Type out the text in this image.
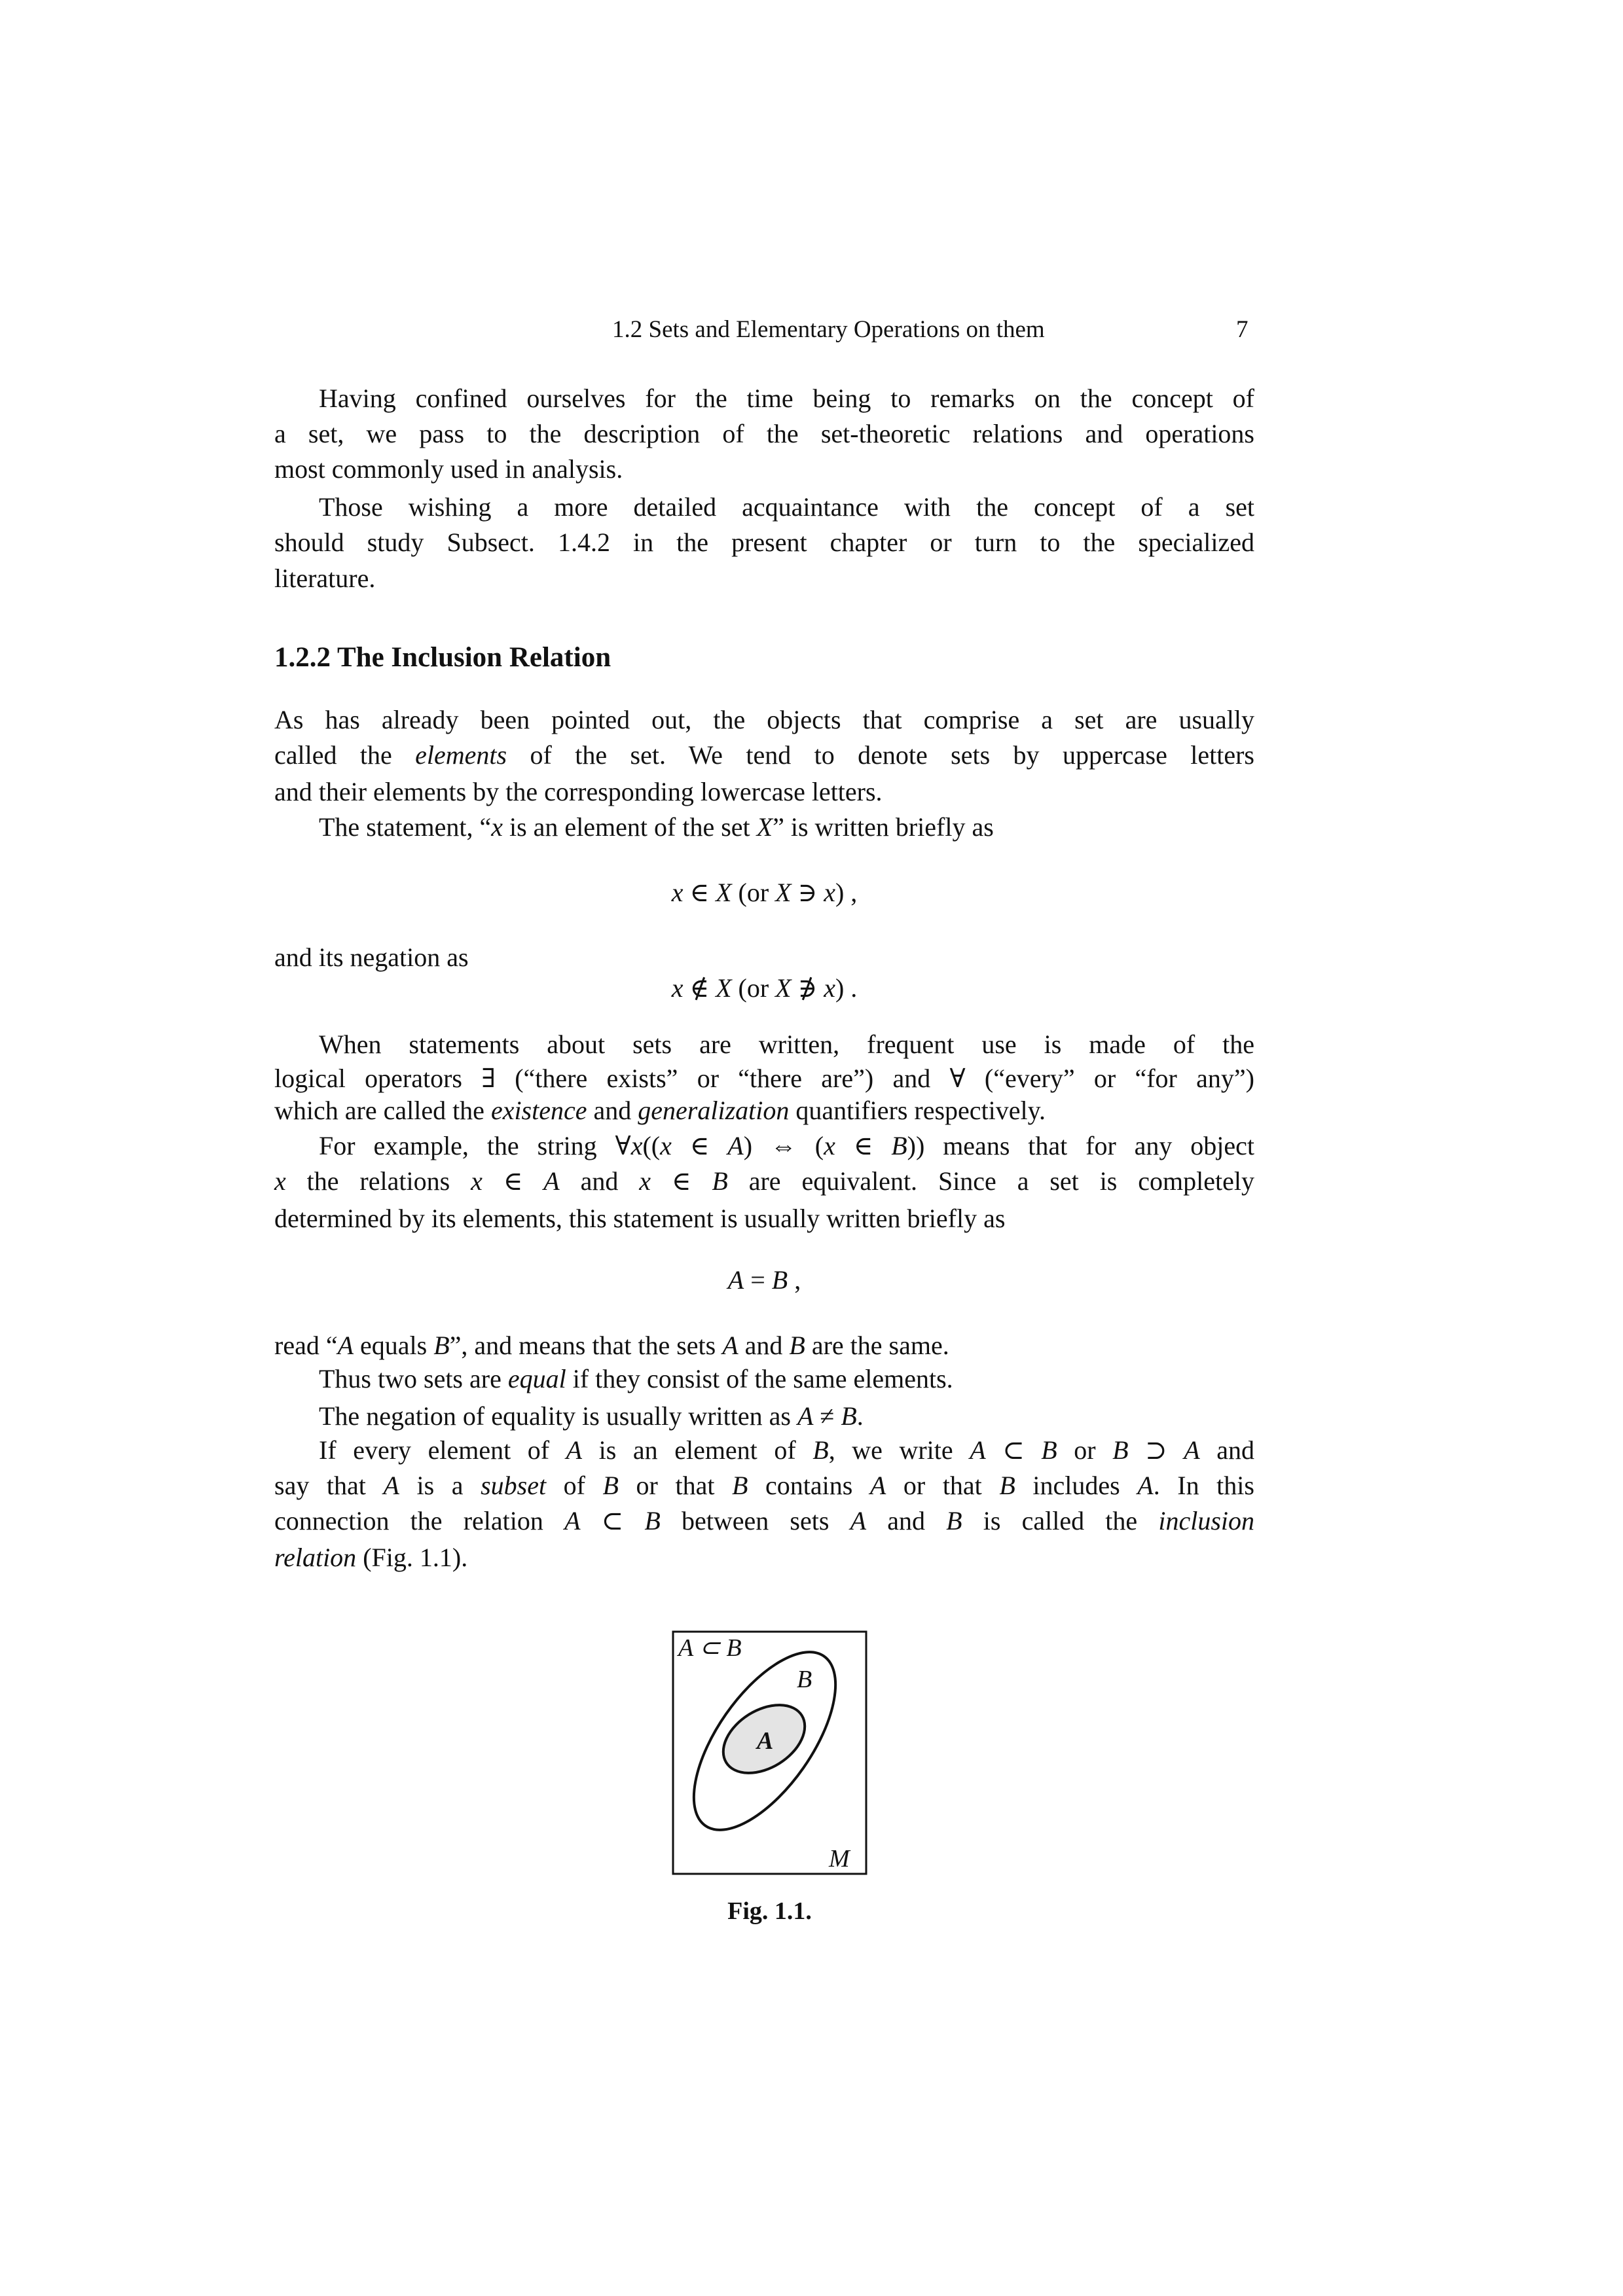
1.2 Sets and Elementary Operations on them	7
1.2.2 The Inclusion Relation
Having confined ourselves for the time being to remarks on the concept of
a set, we pass to the description of the set-theoretic relations and operations
most commonly used in analysis.
Those wishing a more detailed acquaintance with the concept of a set
should study Subsect. 1.4.2 in the present chapter or turn to the specialized
literature.
As has already been pointed out, the objects that comprise a set are usually
called the elements of the set. We tend to denote sets by uppercase letters
and their elements by the corresponding lowercase letters.
The statement, “x is an element of the set X” is written briefly as
x ∈ X (or X ∋ x) ,
and its negation as
x ∉ X (or X ∌ x) .
When statements about sets are written, frequent use is made of the
logical operators ∃ (“there exists” or “there are”) and ∀ (“every” or “for any”)
which are called the existence and generalization quantifiers respectively.
For example, the string ∀x((x ∈ A) ⇔ (x ∈ B)) means that for any object
x the relations x ∈ A and x ∈ B are equivalent. Since a set is completely
determined by its elements, this statement is usually written briefly as
A = B ,
read “A equals B”, and means that the sets A and B are the same.
Thus two sets are equal if they consist of the same elements.
The negation of equality is usually written as A ≠ B.
If every element of A is an element of B, we write A ⊂ B or B ⊃ A and
say that A is a subset of B or that B contains A or that B includes A. In this
connection the relation A ⊂ B between sets A and B is called the inclusion
relation (Fig. 1.1).
A ⊂ B
B
A
M
Fig. 1.1.
